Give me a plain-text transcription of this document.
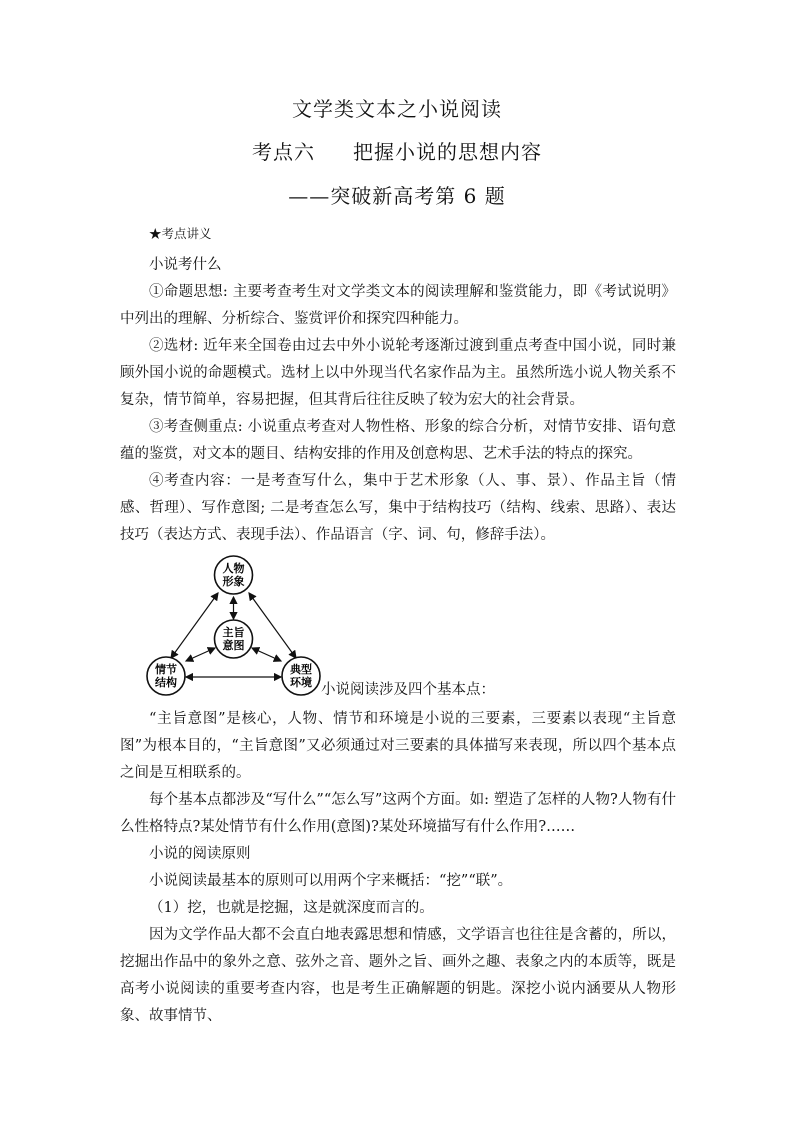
文学类文本之小说阅读
考点六 把握小说的思想内容
——突破新高考第 6 题

★考点讲义

小说考什么

①命题思想: 主要考查考生对文学类文本的阅读理解和鉴赏能力，即《考试说明》中列出的理解、分析综合、鉴赏评价和探究四种能力。

②选材: 近年来全国卷由过去中外小说轮考逐渐过渡到重点考查中国小说，同时兼顾外国小说的命题模式。选材上以中外现当代名家作品为主。虽然所选小说人物关系不复杂，情节简单，容易把握，但其背后往往反映了较为宏大的社会背景。

③考查侧重点: 小说重点考查对人物性格、形象的综合分析，对情节安排、语句意蕴的鉴赏，对文本的题目、结构安排的作用及创意构思、艺术手法的特点的探究。

④考查内容：一是考查写什么，集中于艺术形象（人、事、景）、作品主旨（情感、哲理）、写作意图; 二是考查怎么写，集中于结构技巧（结构、线索、思路）、表达技巧（表达方式、表现手法）、作品语言（字、词、句，修辞手法）。

人物
形象
主旨
意图
情节
结构
典型
环境 小说阅读涉及四个基本点：

“主旨意图”是核心，人物、情节和环境是小说的三要素，三要素以表现“主旨意图”为根本目的，“主旨意图”又必须通过对三要素的具体描写来表现，所以四个基本点之间是互相联系的。

每个基本点都涉及“写什么”“怎么写”这两个方面。如: 塑造了怎样的人物?人物有什么性格特点?某处情节有什么作用(意图)?某处环境描写有什么作用?……

小说的阅读原则

小说阅读最基本的原则可以用两个字来概括：“挖”“联”。

（1）挖，也就是挖掘，这是就深度而言的。

因为文学作品大都不会直白地表露思想和情感，文学语言也往往是含蓄的，所以，挖掘出作品中的象外之意、弦外之音、题外之旨、画外之趣、表象之内的本质等，既是高考小说阅读的重要考查内容，也是考生正确解题的钥匙。深挖小说内涵要从人物形象、故事情节、
